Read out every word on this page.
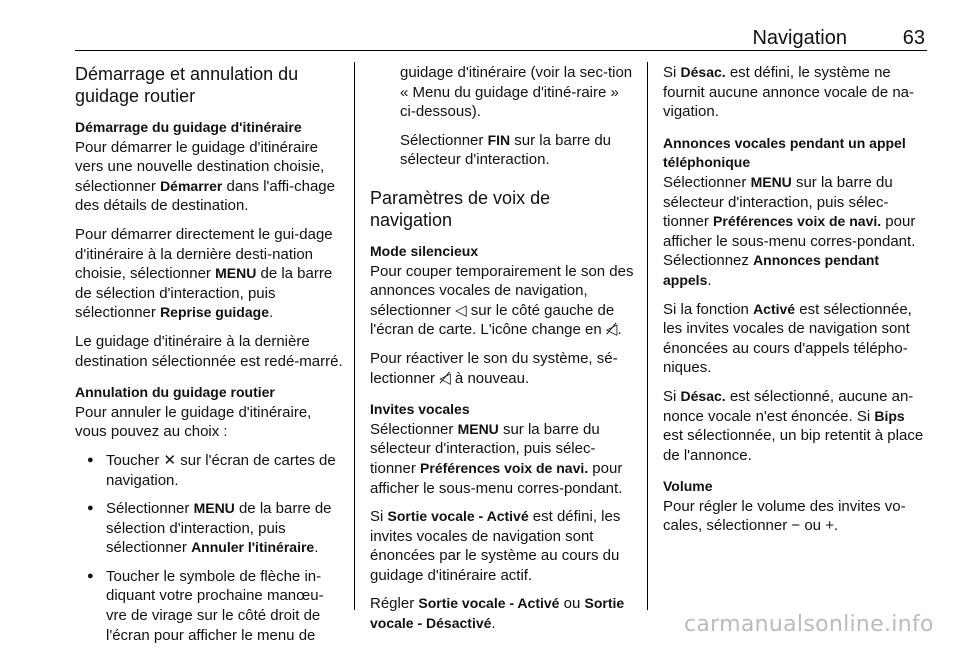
Navigation	63
Démarrage et annulation du guidage routier
Démarrage du guidage d'itinéraire

Pour démarrer le guidage d'itinéraire vers une nouvelle destination choisie, sélectionner Démarrer dans l'affi-chage des détails de destination.

Pour démarrer directement le gui-dage d'itinéraire à la dernière desti-nation choisie, sélectionner MENU de la barre de sélection d'interaction, puis sélectionner Reprise guidage.

Le guidage d'itinéraire à la dernière destination sélectionnée est redé-marré.

Annulation du guidage routier

Pour annuler le guidage d'itinéraire, vous pouvez au choix :

● Toucher ✕ sur l'écran de cartes de navigation.
● Sélectionner MENU de la barre de sélection d'interaction, puis sélectionner Annuler l'itinéraire.
● Toucher le symbole de flèche in-diquant votre prochaine manœu-vre de virage sur le côté droit de l'écran pour afficher le menu de

guidage d'itinéraire (voir la sec-tion « Menu du guidage d'itiné-raire » ci-dessous).

Sélectionner FIN sur la barre du sélecteur d'interaction.

Paramètres de voix de navigation
Mode silencieux

Pour couper temporairement le son des annonces vocales de navigation, sélectionner ◁ sur le côté gauche de l'écran de carte. L'icône change en ◁̸.

Pour réactiver le son du système, sé-lectionner ◁̸ à nouveau.

Invites vocales

Sélectionner MENU sur la barre du sélecteur d'interaction, puis sélec-tionner Préférences voix de navi. pour afficher le sous-menu corres-pondant.

Si Sortie vocale - Activé est défini, les invites vocales de navigation sont énoncées par le système au cours du guidage d'itinéraire actif.

Régler Sortie vocale - Activé ou Sortie vocale - Désactivé.

Si Désac. est défini, le système ne fournit aucune annonce vocale de na-vigation.

Annonces vocales pendant un appel téléphonique

Sélectionner MENU sur la barre du sélecteur d'interaction, puis sélec-tionner Préférences voix de navi. pour afficher le sous-menu corres-pondant. Sélectionnez Annonces pendant appels.

Si la fonction Activé est sélectionnée, les invites vocales de navigation sont énoncées au cours d'appels télépho-niques.

Si Désac. est sélectionné, aucune an-nonce vocale n'est énoncée. Si Bips est sélectionnée, un bip retentit à place de l'annonce.

Volume

Pour régler le volume des invites vo-cales, sélectionner − ou +.

carmanualsonline.info
